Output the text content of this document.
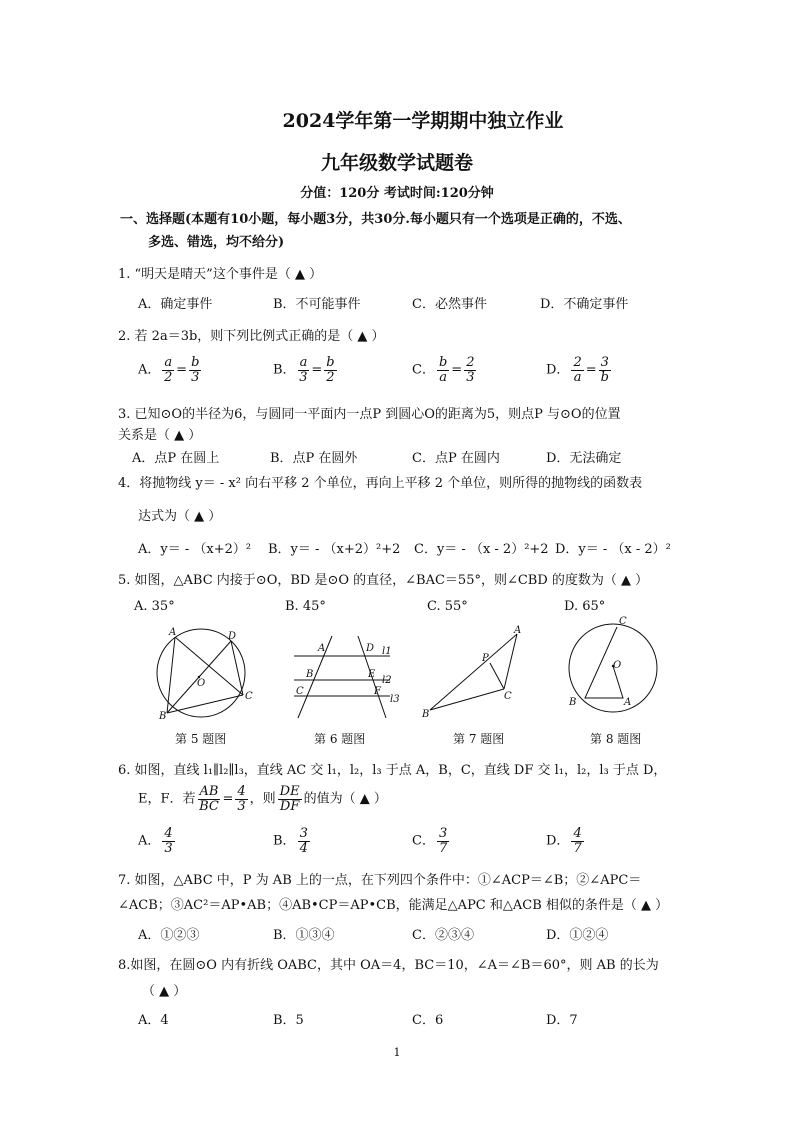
2024学年第一学期期中独立作业
九年级数学试题卷
分值：120分 考试时间:120分钟
一、选择题(本题有10小题，每小题3分，共30分.每小题只有一个选项是正确的，不选、
多选、错选，均不给分)
1. “明天是晴天”这个事件是（ ▲ ）
A．确定事件	B．不可能事件	C．必然事件	D．不确定事件
2. 若 2a＝3b，则下列比例式正确的是（ ▲ ）
A． $\frac{a}{2} = \frac{b}{3}$	B． $\frac{a}{3} = \frac{b}{2}$	C． $\frac{b}{a} = \frac{2}{3}$	D． $\frac{2}{a} = \frac{3}{b}$
3. 已知⊙O的半径为6，与圆同一平面内一点P 到圆心O的距离为5，则点P 与⊙O的位置
关系是（ ▲ ）
A．点P 在圆上	B．点P 在圆外	C．点P 在圆内	D．无法确定
4．将抛物线 y＝ - x² 向右平移 2 个单位，再向上平移 2 个单位，则所得的抛物线的函数表
达式为（ ▲ ）
A．y＝ - （x+2）² B．y＝ - （x+2）²+2 C．y＝ - （x - 2）²+2 D．y＝ - （x - 2）²
5. 如图，△ABC 内接于⊙O，BD 是⊙O 的直径，∠BAC＝55°，则∠CBD 的度数为（ ▲ ）
A. 35°	B. 45°	C. 55°	D. 65°
A	D
O
C
B
A	D l1
B	E
l2
C	F
l3
A
P
C
B
C
O
B	A
第 5 题图	第 6 题图	第 7 题图	第 8 题图
6. 如图，直线 l₁∥l₂∥l₃，直线 AC 交 l₁，l₂，l₃ 于点 A，B，C，直线 DF 交 l₁，l₂，l₃ 于点 D，
E，F．若 $\frac{AB}{BC} = \frac{4}{3}$ ，则 $\frac{DE}{DF}$ 的值为（ ▲ ）
A． $\frac{4}{3}$	B． $\frac{3}{4}$	C． $\frac{3}{7}$	D． $\frac{4}{7}$
7. 如图，△ABC 中，P 为 AB 上的一点，在下列四个条件中：①∠ACP＝∠B；②∠APC＝
∠ACB；③AC²＝AP•AB；④AB•CP＝AP•CB，能满足△APC 和△ACB 相似的条件是（ ▲ ）
A．①②③	B．①③④	C．②③④	D．①②④
8.如图，在圆⊙O 内有折线 OABC，其中 OA＝4，BC＝10，∠A＝∠B＝60°，则 AB 的长为
（ ▲ ）
A．4	B．5	C．6	D．7
1
